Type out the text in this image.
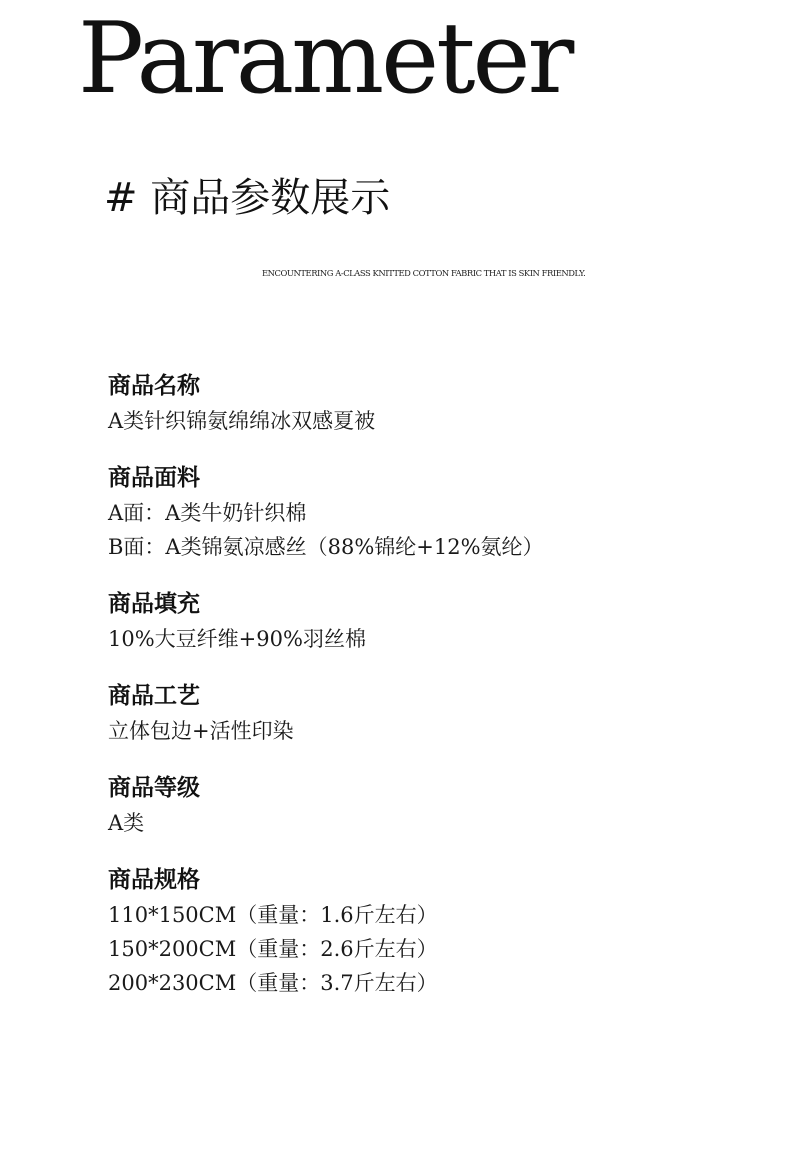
Parameter
# 商品参数展示
ENCOUNTERING A-CLASS KNITTED COTTON FABRIC THAT IS SKIN FRIENDLY.
商品名称
A类针织锦氨绵绵冰双感夏被
商品面料
A面：A类牛奶针织棉
B面：A类锦氨凉感丝（88%锦纶+12%氨纶）
商品填充
10%大豆纤维+90%羽丝棉
商品工艺
立体包边+活性印染
商品等级
A类
商品规格
110*150CM（重量：1.6斤左右）
150*200CM（重量：2.6斤左右）
200*230CM（重量：3.7斤左右）
